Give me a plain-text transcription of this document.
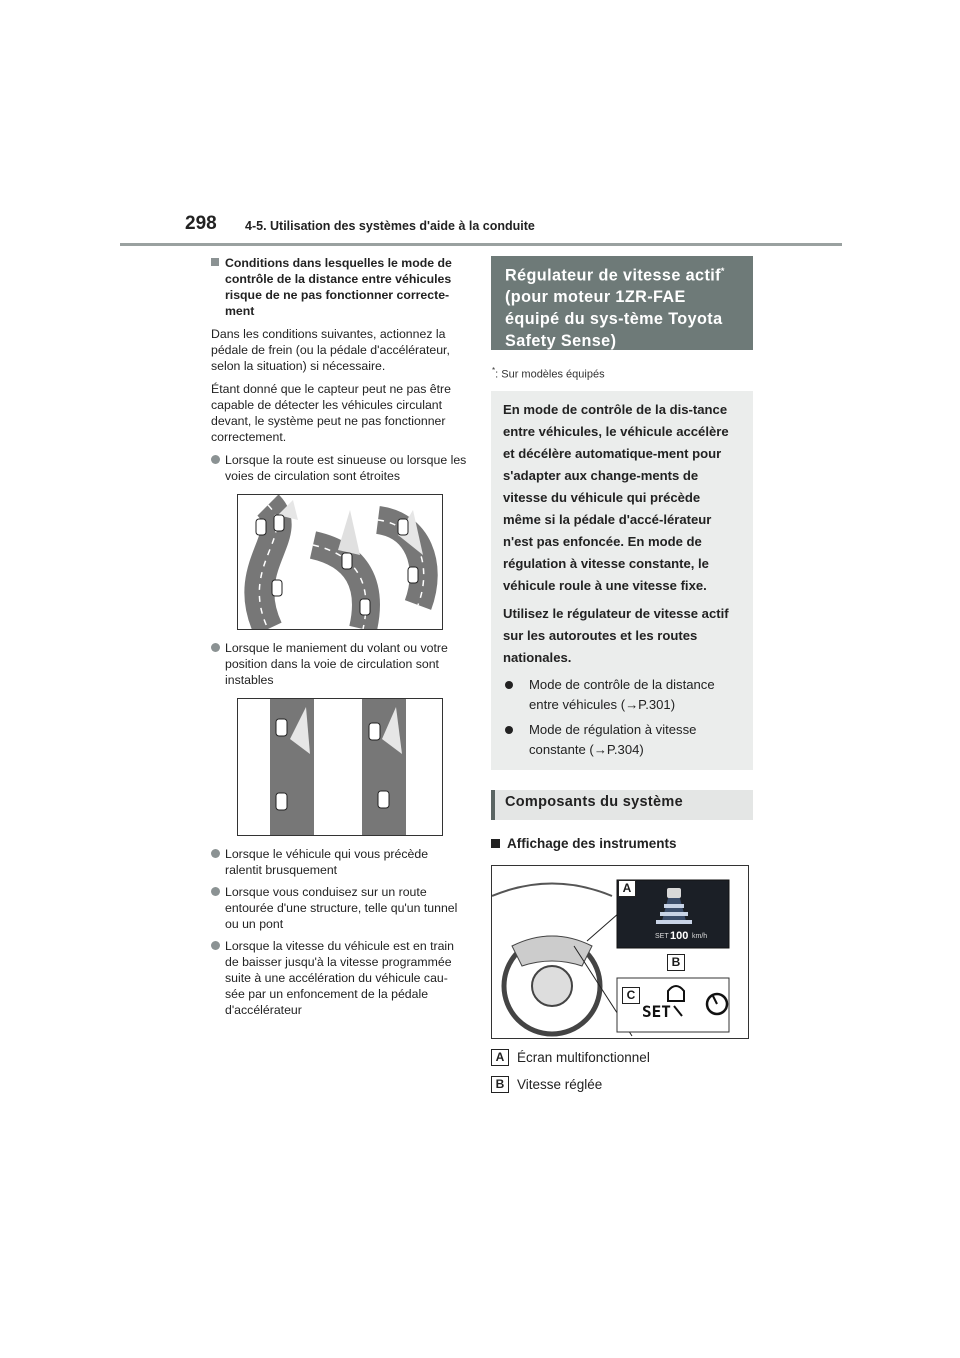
298 4-5. Utilisation des systèmes d'aide à la conduite
Conditions dans lesquelles le mode de contrôle de la distance entre véhicules risque de ne pas fonctionner correcte-ment
Dans les conditions suivantes, actionnez la pédale de frein (ou la pédale d'accélérateur, selon la situation) si nécessaire.
Étant donné que le capteur peut ne pas être capable de détecter les véhicules circulant devant, le système peut ne pas fonctionner correctement.
Lorsque la route est sinueuse ou lorsque les voies de circulation sont étroites
Lorsque le maniement du volant ou votre position dans la voie de circulation sont instables
Lorsque le véhicule qui vous précède ralentit brusquement
Lorsque vous conduisez sur un route entourée d'une structure, telle qu'un tunnel ou un pont
Lorsque la vitesse du véhicule est en train de baisser jusqu'à la vitesse programmée suite à une accélération du véhicule cau-sée par un enfoncement de la pédale d'accélérateur
Régulateur de vitesse actif* (pour moteur 1ZR-FAE équipé du sys-tème Toyota Safety Sense)
*: Sur modèles équipés
En mode de contrôle de la dis-tance entre véhicules, le véhicule accélère et décélère automatique-ment pour s'adapter aux change-ments de vitesse du véhicule qui précède même si la pédale d'accé-lérateur n'est pas enfoncée. En mode de régulation à vitesse constante, le véhicule roule à une vitesse fixe.
Utilisez le régulateur de vitesse actif sur les autoroutes et les routes nationales.
Mode de contrôle de la distance entre véhicules (→P.301)
Mode de régulation à vitesse constante (→P.304)
Composants du système
Affichage des instruments
A
B
C
SET 100 km/h
SET
A Écran multifonctionnel
B Vitesse réglée
